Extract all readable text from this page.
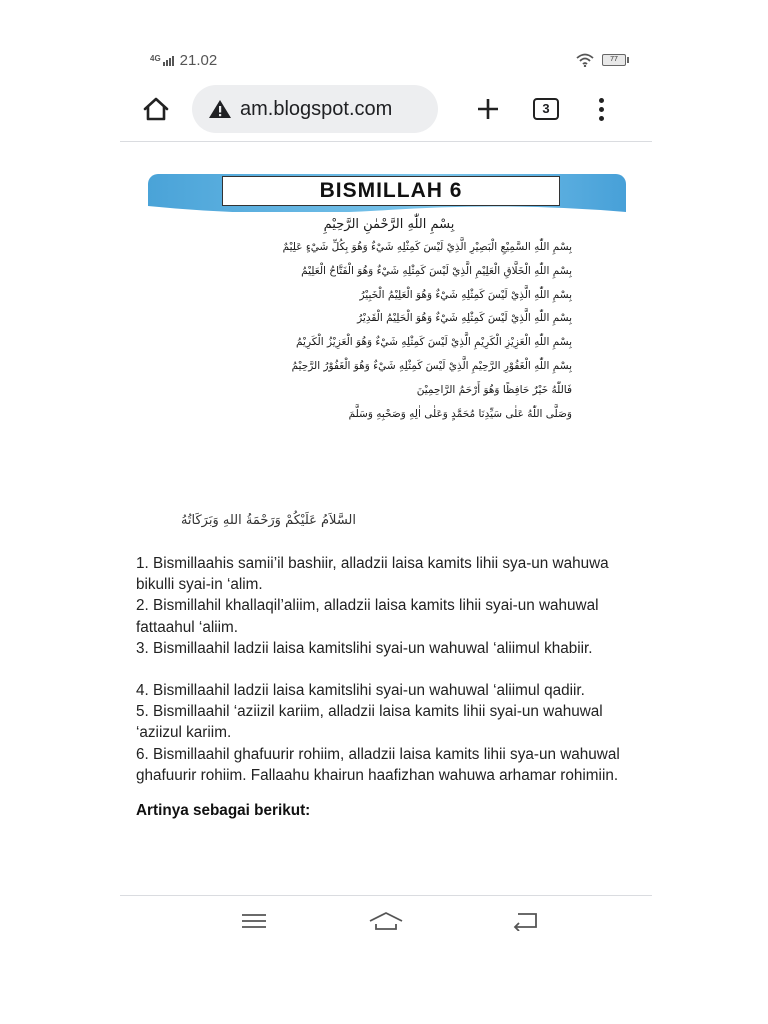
4G 21.02	77
am.blogspot.com	3
BISMILLAH 6
بِسْمِ اللّٰهِ الرَّحْمٰنِ الرَّحِيْمِ
بِسْمِ اللّٰهِ السَّمِيْعِ الْبَصِيْرِ الَّذِيْ لَيْسَ كَمِثْلِهِ شَيْءٌ وَهُوَ بِكُلِّ شَيْءٍ عَلِيْمٌ
بِسْمِ اللّٰهِ الْخَلَّاقِ الْعَلِيْمِ الَّذِيْ لَيْسَ كَمِثْلِهِ شَيْءٌ وَهُوَ الْفَتَّاحُ الْعَلِيْمُ
بِسْمِ اللّٰهِ الَّذِيْ لَيْسَ كَمِثْلِهِ شَيْءٌ وَهُوَ الْعَلِيْمُ الْخَبِيْرُ
بِسْمِ اللّٰهِ الَّذِيْ لَيْسَ كَمِثْلِهِ شَيْءٌ وَهُوَ الْحَلِيْمُ الْقَدِيْرُ
بِسْمِ اللّٰهِ الْعَزِيْزِ الْكَرِيْمِ الَّذِيْ لَيْسَ كَمِثْلِهِ شَيْءٌ وَهُوَ الْعَزِيْزُ الْكَرِيْمُ
بِسْمِ اللّٰهِ الْغَفُوْرِ الرَّحِيْمِ الَّذِيْ لَيْسَ كَمِثْلِهِ شَيْءٌ وَهُوَ الْغَفُوْرُ الرَّحِيْمُ
فَاللّٰهُ خَيْرٌ حَافِظًا وَهُوَ أَرْحَمُ الرَّاحِمِيْنَ
وَصَلَّى اللّٰهُ عَلٰى سَيِّدِنَا مُحَمَّدٍ وَعَلٰى اٰلِهِ وَصَحْبِهِ وَسَلَّمَ
السَّلاَمُ عَلَيْكُمْ وَرَحْمَةُ اللهِ وَبَرَكَاتُهُ

1. Bismillaahis samii’il bashiir, alladzii laisa kamits lihii sya-un wahuwa bikulli syai-in ‘alim.

2. Bismillahil khallaqil’aliim, alladzii laisa kamits lihii syai-un wahuwal fattaahul ‘aliim.

3. Bismillaahil ladzii laisa kamitslihi syai-un wahuwal ‘aliimul khabiir.

4. Bismillaahil ladzii laisa kamitslihi syai-un wahuwal ‘aliimul qadiir.

5. Bismillaahil ‘aziizil kariim, alladzii laisa kamits lihii syai-un wahuwal ‘aziizul kariim.

6. Bismillaahil ghafuurir rohiim, alladzii laisa kamits lihii sya-un wahuwal ghafuurir rohiim. Fallaahu khairun haafizhan wahuwa arhamar rohimiin.

Artinya sebagai berikut:
